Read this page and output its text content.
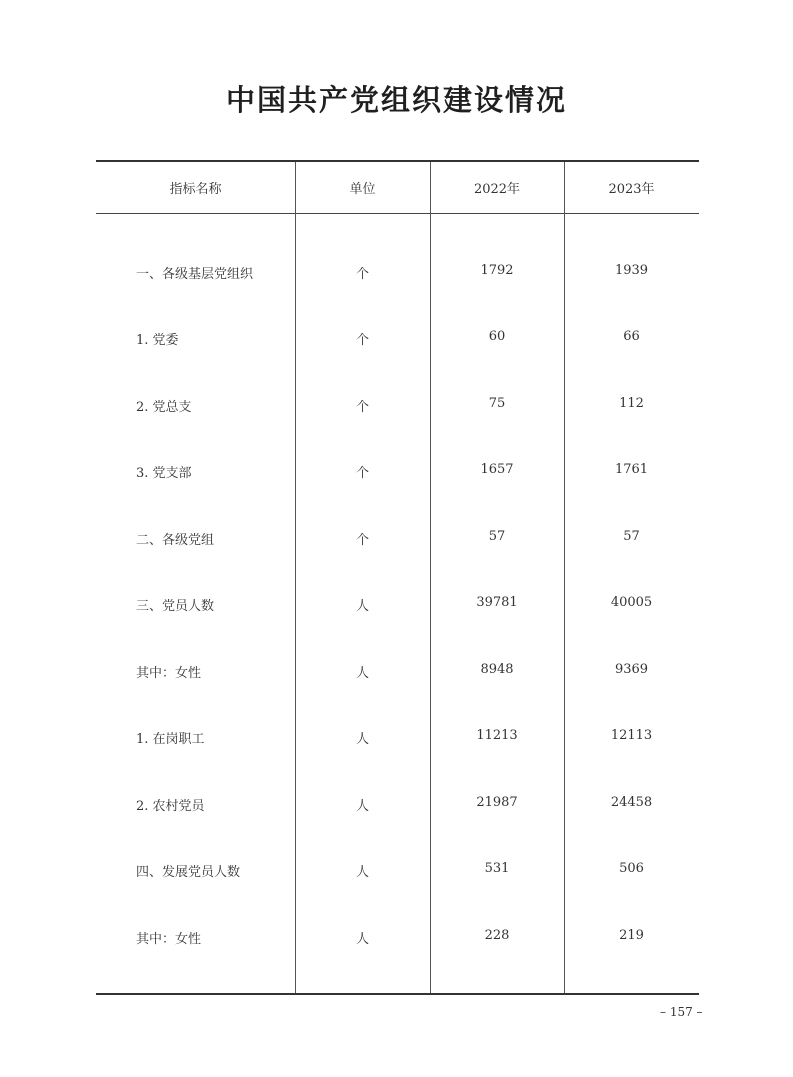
中国共产党组织建设情况
指标名称	单位	2022年	2023年
一、各级基层党组织	个	1792	1939
1. 党委	个	60	66
2. 党总支	个	75	112
3. 党支部	个	1657	1761
二、各级党组	个	57	57
三、党员人数	人	39781	40005
其中：女性	人	8948	9369
1. 在岗职工	人	11213	12113
2. 农村党员	人	21987	24458
四、发展党员人数	人	531	506
其中：女性	人	228	219
– 157 –
